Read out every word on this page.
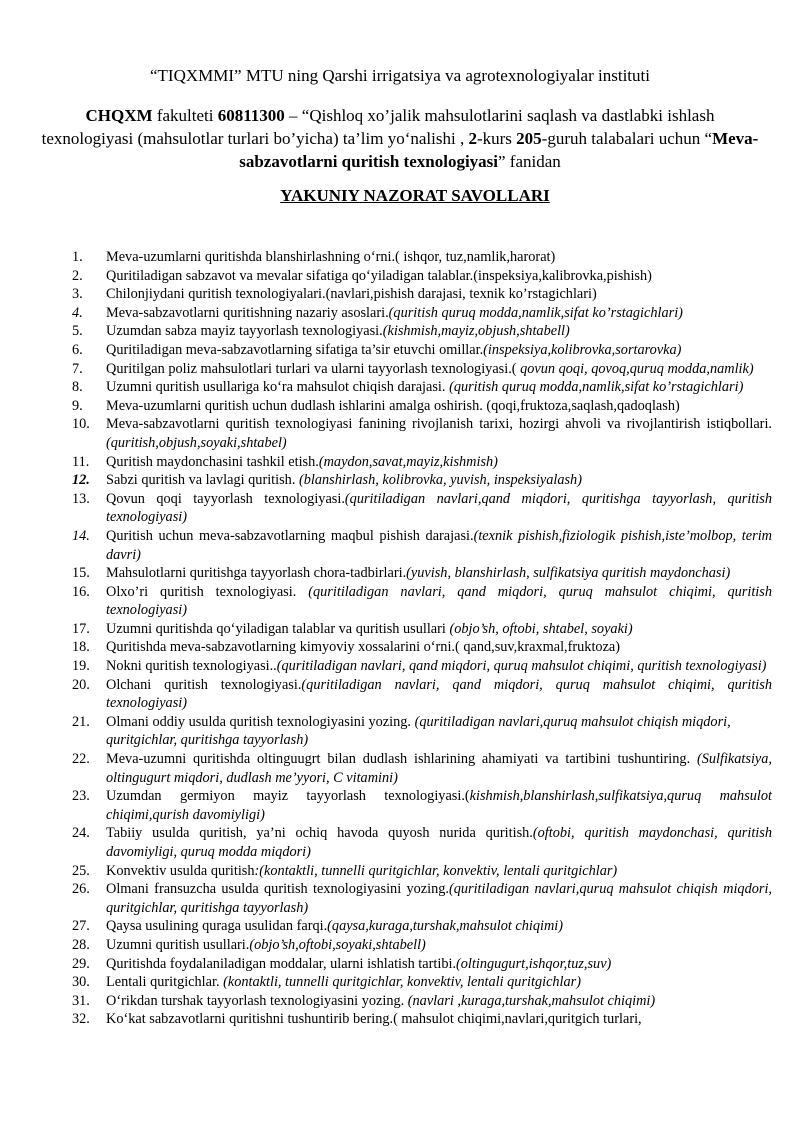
“TIQXMMI” MTU ning Qarshi irrigatsiya va agrotexnologiyalar instituti
CHQXM fakulteti 60811300 – “Qishloq xo’jalik mahsulotlarini saqlash va dastlabki ishlash texnologiyasi (mahsulotlar turlari bo’yicha) ta’lim yo‘nalishi , 2-kurs 205-guruh talabalari uchun “Meva-sabzavotlarni quritish texnologiyasi” fanidan
YAKUNIY NAZORAT SAVOLLARI
1.	Meva-uzumlarni quritishda blanshirlashning o‘rni.( ishqor, tuz,namlik,harorat)
2.	Quritiladigan sabzavot va mevalar sifatiga qo‘yiladigan talablar.(inspeksiya,kalibrovka,pishish)
3.	Chilonjiydani quritish texnologiyalari.(navlari,pishish darajasi, texnik ko’rstagichlari)
4.	Meva-sabzavotlarni quritishning nazariy asoslari.(quritish quruq modda,namlik,sifat ko’rstagichlari)
5.	Uzumdan sabza mayiz tayyorlash texnologiyasi.(kishmish,mayiz,objush,shtabell)
6.	Quritiladigan meva-sabzavotlarning sifatiga ta’sir etuvchi omillar.(inspeksiya,kolibrovka,sortarovka)
7.	Quritilgan poliz mahsulotlari turlari va ularni tayyorlash texnologiyasi.( qovun qoqi, qovoq,quruq modda,namlik)
8.	Uzumni quritish usullariga ko‘ra mahsulot chiqish darajasi. (quritish quruq modda,namlik,sifat ko’rstagichlari)
9.	Meva-uzumlarni quritish uchun dudlash ishlarini amalga oshirish. (qoqi,fruktoza,saqlash,qadoqlash)
10.	Meva-sabzavotlarni quritish texnologiyasi fanining rivojlanish tarixi, hozirgi ahvoli va rivojlantirish istiqbollari.(quritish,objush,soyaki,shtabel)
11.	Quritish maydonchasini tashkil etish.(maydon,savat,mayiz,kishmish)
12.	Sabzi quritish va lavlagi quritish. (blanshirlash, kolibrovka, yuvish, inspeksiyalash)
13.	Qovun qoqi tayyorlash texnologiyasi.(quritiladigan navlari,qand miqdori, quritishga tayyorlash, quritish texnologiyasi)
14.	Quritish uchun meva-sabzavotlarning maqbul pishish darajasi.(texnik pishish,fiziologik pishish,iste’molbop, terim davri)
15.	Mahsulotlarni quritishga tayyorlash chora-tadbirlari.(yuvish, blanshirlash, sulfikatsiya quritish maydonchasi)
16.	Olxo’ri quritish texnologiyasi. (quritiladigan navlari, qand miqdori, quruq mahsulot chiqimi, quritish texnologiyasi)
17.	Uzumni quritishda qo‘yiladigan talablar va quritish usullari (objo’sh, oftobi, shtabel, soyaki)
18.	Quritishda meva-sabzavotlarning kimyoviy xossalarini o‘rni.( qand,suv,kraxmal,fruktoza)
19.	Nokni quritish texnologiyasi..(quritiladigan navlari, qand miqdori, quruq mahsulot chiqimi, quritish texnologiyasi)
20.	Olchani quritish texnologiyasi.(quritiladigan navlari, qand miqdori, quruq mahsulot chiqimi, quritish texnologiyasi)
21.	Olmani oddiy usulda quritish texnologiyasini yozing. (quritiladigan navlari,quruq mahsulot chiqish miqdori, quritgichlar, quritishga tayyorlash)
22.	Meva-uzumni quritishda oltinguugrt bilan dudlash ishlarining ahamiyati va tartibini tushuntiring. (Sulfikatsiya, oltingugurt miqdori, dudlash me’yyori, C vitamini)
23.	Uzumdan germiyon mayiz tayyorlash texnologiyasi.(kishmish,blanshirlash,sulfikatsiya,quruq mahsulot chiqimi,qurish davomiyligi)
24.	Tabiiy usulda quritish, ya’ni ochiq havoda quyosh nurida quritish.(oftobi, quritish maydonchasi, quritish davomiyligi, quruq modda miqdori)
25.	Konvektiv usulda quritish:(kontaktli, tunnelli quritgichlar, konvektiv, lentali quritgichlar)
26.	Olmani fransuzcha usulda quritish texnologiyasini yozing.(quritiladigan navlari,quruq mahsulot chiqish miqdori, quritgichlar, quritishga tayyorlash)
27.	Qaysa usulining quraga usulidan farqi.(qaysa,kuraga,turshak,mahsulot chiqimi)
28.	Uzumni quritish usullari.(objo’sh,oftobi,soyaki,shtabell)
29.	Quritishda foydalaniladigan moddalar, ularni ishlatish tartibi.(oltingugurt,ishqor,tuz,suv)
30.	Lentali quritgichlar. (kontaktli, tunnelli quritgichlar, konvektiv, lentali quritgichlar)
31.	O‘rikdan turshak tayyorlash texnologiyasini yozing. (navlari ,kuraga,turshak,mahsulot chiqimi)
32.	Ko‘kat sabzavotlarni quritishni tushuntirib bering.( mahsulot chiqimi,navlari,quritgich turlari,
